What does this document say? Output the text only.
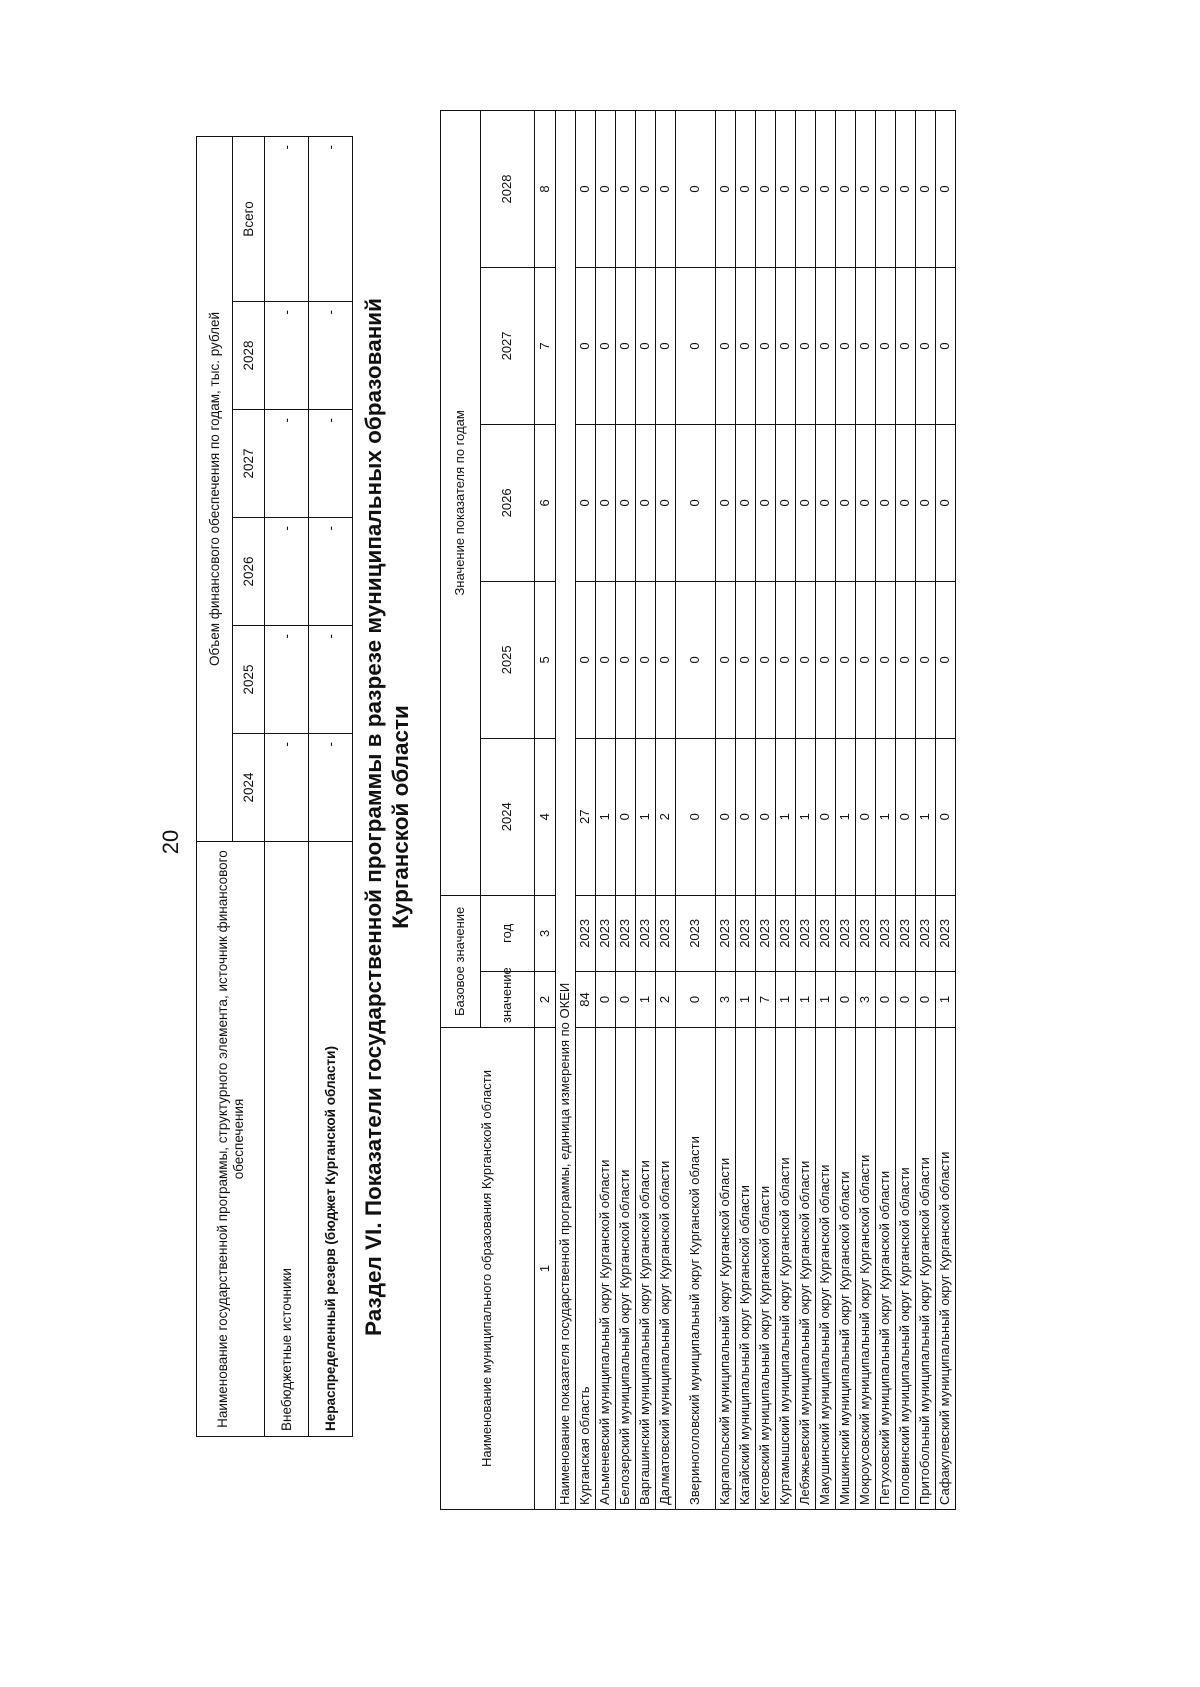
20
Наименование государственной программы, структурного элемента, источник финансового обеспечения	Объем финансового обеспечения по годам, тыс. рублей					
	2024	2025	2026	2027	2028	Всего
Внебюджетные источники	-	-	-	-	-	-
Нераспределенный резерв (бюджет Курганской области)	-	-	-	-	-	-
Раздел VI. Показатели государственной программы в разрезе муниципальных образований Курганской области
Наименование муниципального образования Курганской области	Базовое значение		Значение показателя по годам				
	значение	год	2024	2025	2026	2027	2028
1	2	3	4	5	6	7	8
Наименование показателя государственной программы, единица измерения по ОКЕИ							
Курганская область	84	2023	27	0	0	0	0
Альменевский муниципальный округ Курганской области	0	2023	1	0	0	0	0
Белозерский муниципальный округ Курганской области	0	2023	0	0	0	0	0
Варгашинский муниципальный округ Курганской области	1	2023	1	0	0	0	0
Далматовский муниципальный округ Курганской области	2	2023	2	0	0	0	0
Звериноголовский муниципальный округ Курганской области	0	2023	0	0	0	0	0
Каргапольский муниципальный округ Курганской области	3	2023	0	0	0	0	0
Катайский муниципальный округ Курганской области	1	2023	0	0	0	0	0
Кетовский муниципальный округ Курганской области	7	2023	0	0	0	0	0
Куртамышский муниципальный округ Курганской области	1	2023	1	0	0	0	0
Лебяжьевский муниципальный округ Курганской области	1	2023	1	0	0	0	0
Макушинский муниципальный округ Курганской области	1	2023	0	0	0	0	0
Мишкинский муниципальный округ Курганской области	0	2023	1	0	0	0	0
Мокроусовский муниципальный округ Курганской области	3	2023	0	0	0	0	0
Петуховский муниципальный округ Курганской области	0	2023	1	0	0	0	0
Половинский муниципальный округ Курганской области	0	2023	0	0	0	0	0
Притобольный муниципальный округ Курганской области	0	2023	1	0	0	0	0
Сафакулевский муниципальный округ Курганской области	1	2023	0	0	0	0	0
